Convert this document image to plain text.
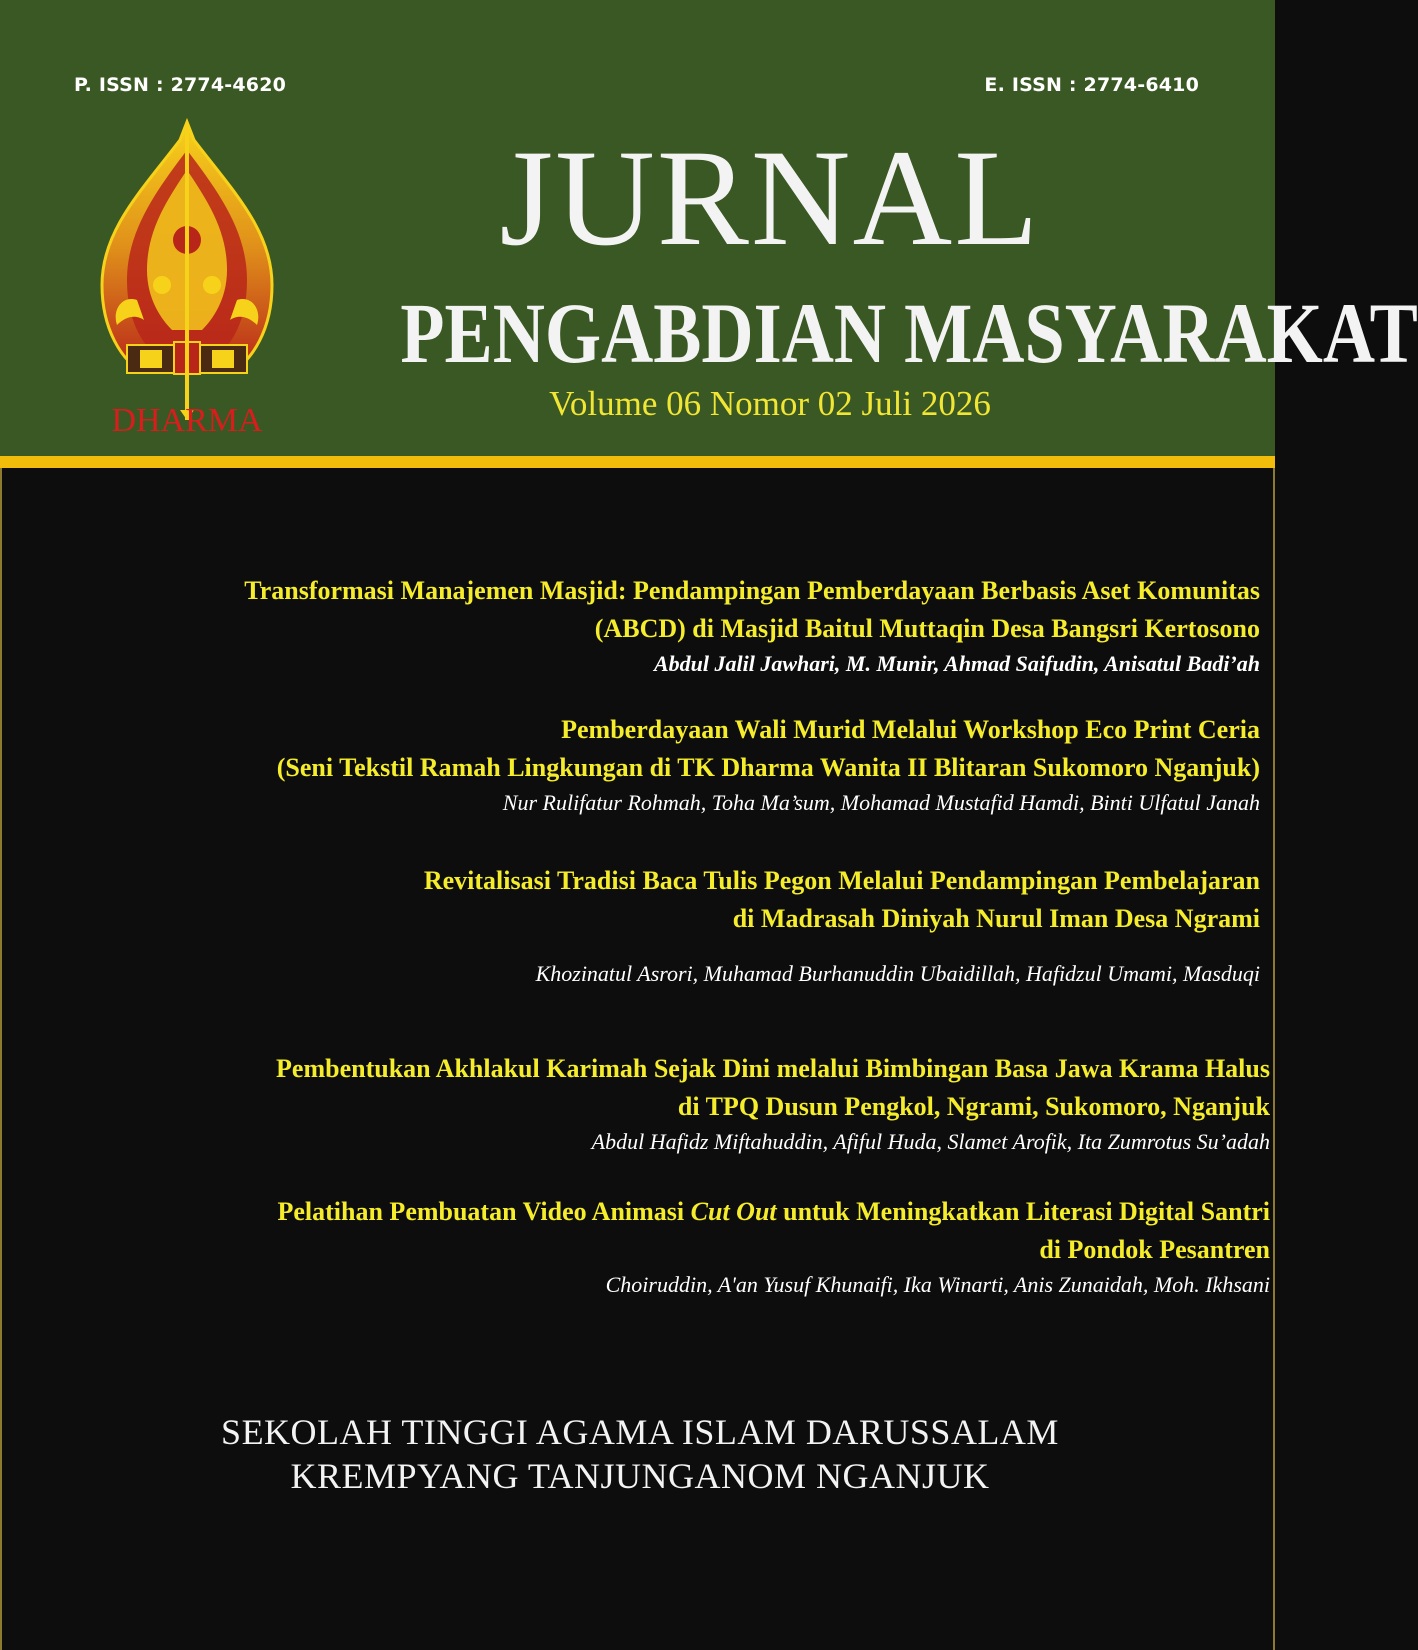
P. ISSN : 2774-4620	E. ISSN : 2774-6410
DHARMA
JURNAL
PENGABDIAN MASYARAKAT
Volume 06 Nomor 02 Juli 2026
Transformasi Manajemen Masjid: Pendampingan Pemberdayaan Berbasis Aset Komunitas
(ABCD) di Masjid Baitul Muttaqin Desa Bangsri Kertosono
Abdul Jalil Jawhari, M. Munir, Ahmad Saifudin, Anisatul Badi’ah
Pemberdayaan Wali Murid Melalui Workshop Eco Print Ceria
(Seni Tekstil Ramah Lingkungan di TK Dharma Wanita II Blitaran Sukomoro Nganjuk)
Nur Rulifatur Rohmah, Toha Ma’sum, Mohamad Mustafid Hamdi, Binti Ulfatul Janah
Revitalisasi Tradisi Baca Tulis Pegon Melalui Pendampingan Pembelajaran
di Madrasah Diniyah Nurul Iman Desa Ngrami
Khozinatul Asrori, Muhamad Burhanuddin Ubaidillah, Hafidzul Umami, Masduqi
Pembentukan Akhlakul Karimah Sejak Dini melalui Bimbingan Basa Jawa Krama Halus
di TPQ Dusun Pengkol, Ngrami, Sukomoro, Nganjuk
Abdul Hafidz Miftahuddin, Afiful Huda, Slamet Arofik, Ita Zumrotus Su’adah
Pelatihan Pembuatan Video Animasi Cut Out untuk Meningkatkan Literasi Digital Santri
di Pondok Pesantren
Choiruddin, A'an Yusuf Khunaifi, Ika Winarti, Anis Zunaidah, Moh. Ikhsani
SEKOLAH TINGGI AGAMA ISLAM DARUSSALAM
KREMPYANG TANJUNGANOM NGANJUK
